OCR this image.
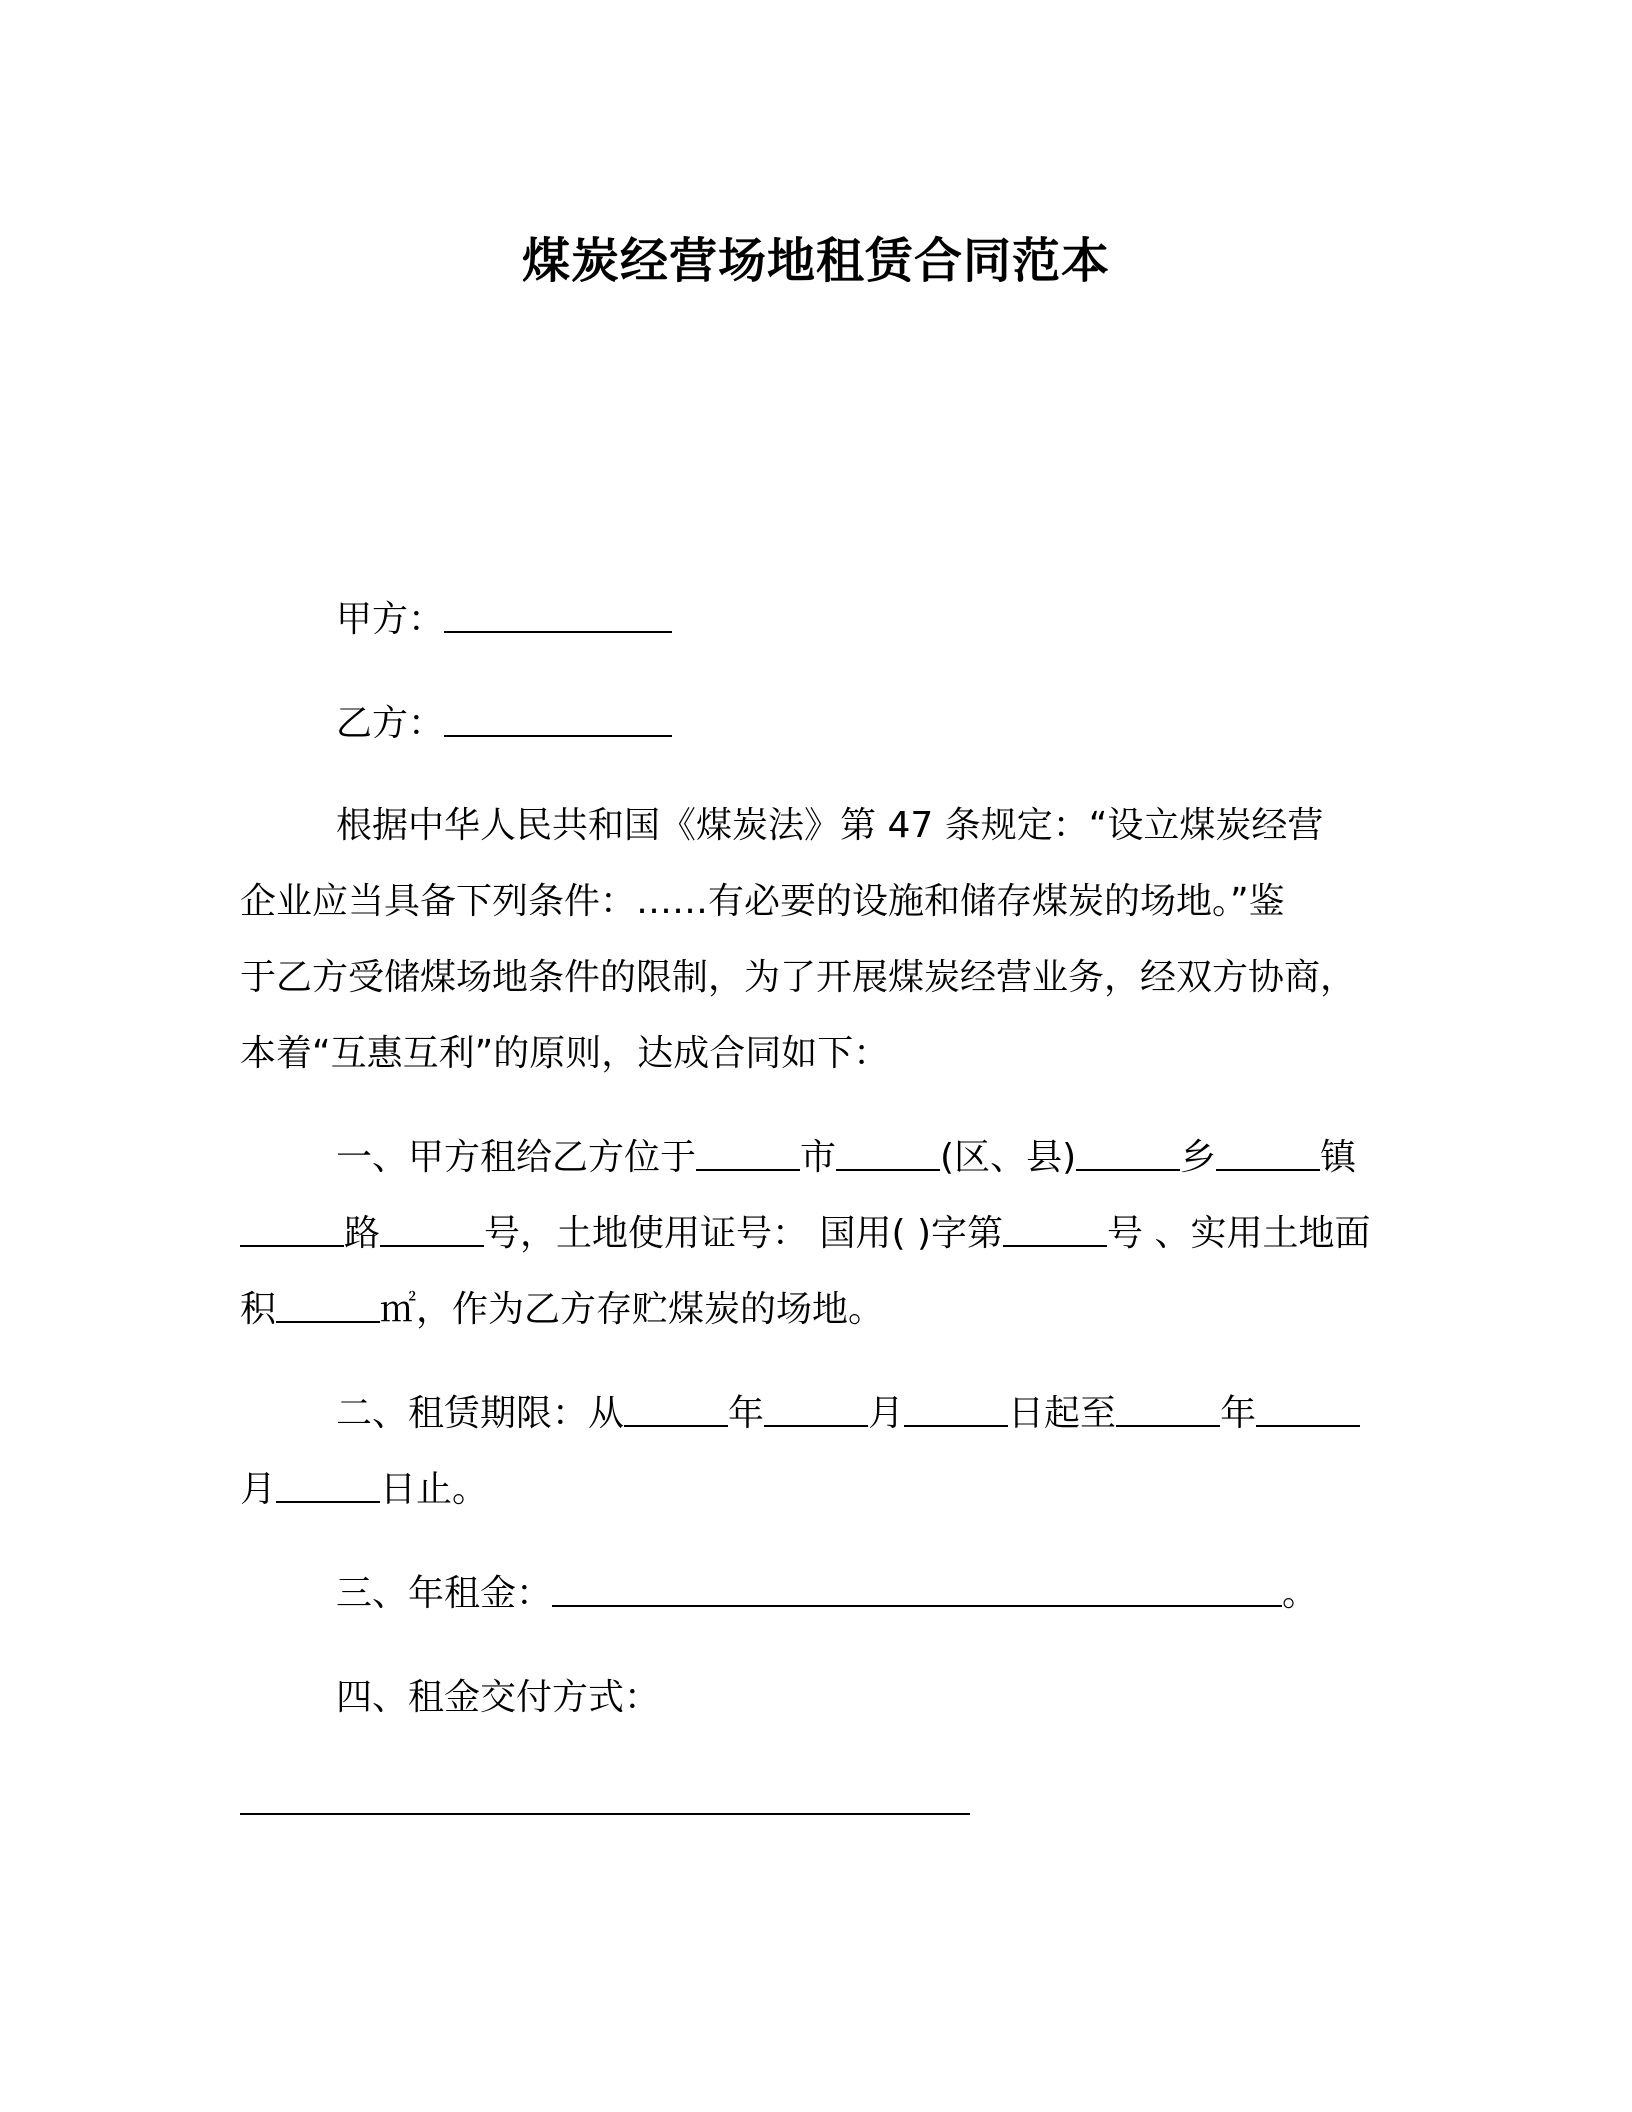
煤炭经营场地租赁合同范本
甲方：
乙方：
根据中华人民共和国《煤炭法》第 47 条规定：“设立煤炭经营
企业应当具备下列条件：……有必要的设施和储存煤炭的场地。”鉴
于乙方受储煤场地条件的限制，为了开展煤炭经营业务，经双方协商，
本着“互惠互利”的原则，达成合同如下：
一、甲方租给乙方位于	市	(区、县)	乡	镇
路	号，土地使用证号： 国用( )字第	号 、实用土地面
积	㎡，作为乙方存贮煤炭的场地。
二、租赁期限：从	年	月	日起至	年
月	日止。
三、年租金：	。
四、租金交付方式：
